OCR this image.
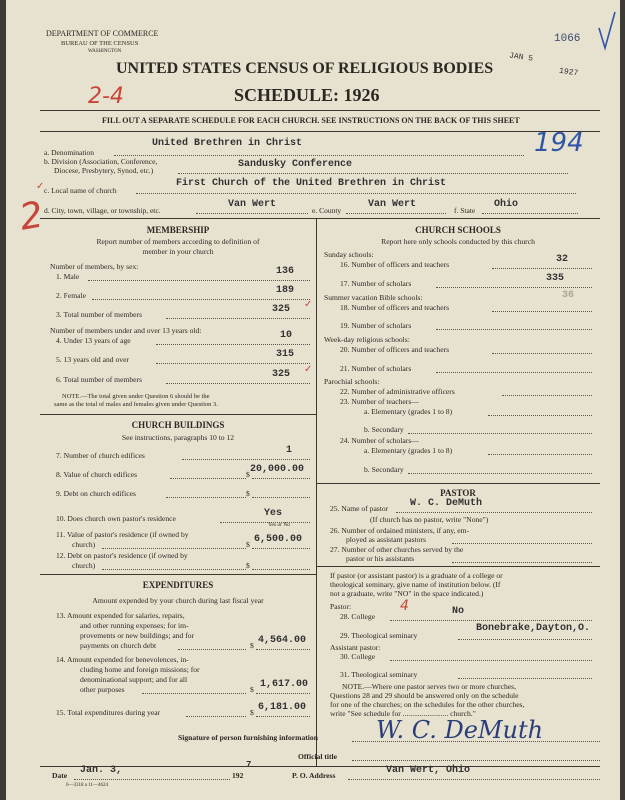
DEPARTMENT OF COMMERCE
BUREAU OF THE CENSUS
WASHINGTON
UNITED STATES CENSUS OF RELIGIOUS BODIES
SCHEDULE: 1926
FILL OUT A SEPARATE SCHEDULE FOR EACH CHURCH. SEE INSTRUCTIONS ON THE BACK OF THIS SHEET
1066
JAN 5
1927
2-4
194
2
a. Denomination
United Brethren in Christ
b. Division (Association, Conference,
Diocese, Presbytery, Synod, etc.)
Sandusky Conference
c. Local name of church
First Church of the United Brethren in Christ
✓
d. City, town, village, or township, etc.
Van Wert
e. County
Van Wert
f. State
Ohio
MEMBERSHIP
Report number of members according to definition of
member in your church
Number of members, by sex:
1. Male	136
2. Female	189
3. Total number of members	325 ✓
Number of members under and over 13 years old:
4. Under 13 years of age	10
5. 13 years old and over	315
6. Total number of members	325 ✓
NOTE.—The total given under Question 6 should be the
same as the total of males and females given under Question 3.
CHURCH BUILDINGS
See instructions, paragraphs 10 to 12
7. Number of church edifices	1
8. Value of church edifices	$ 20,000.00
9. Debt on church edifices	$
10. Does church own pastor's residence	Yes
Yes or No
11. Value of pastor's residence (if owned by
church)	$ 6,500.00
12. Debt on pastor's residence (if owned by
church)	$
EXPENDITURES
Amount expended by your church during last fiscal year
13. Amount expended for salaries, repairs,
and other running expenses; for im-
provements or new buildings; and for
payments on church debt	$ 4,564.00
14. Amount expended for benevolences, in-
cluding home and foreign missions; for
denominational support; and for all
other purposes	$ 1,617.00
15. Total expenditures during year	$ 6,181.00
CHURCH SCHOOLS
Report here only schools conducted by this church
Sunday schools:
16. Number of officers and teachers	32
17. Number of scholars	335
Summer vacation Bible schools:
18. Number of officers and teachers
36
19. Number of scholars
Week-day religious schools:
20. Number of officers and teachers
21. Number of scholars
Parochial schools:
22. Number of administrative officers
23. Number of teachers—
a. Elementary (grades 1 to 8)
b. Secondary
24. Number of scholars—
a. Elementary (grades 1 to 8)
b. Secondary
PASTOR
25. Name of pastor W. C. DeMuth
(If church has no pastor, write "None")
26. Number of ordained ministers, if any, em-
ployed as assistant pastors
27. Number of other churches served by the
pastor or his assistants
If pastor (or assistant pastor) is a graduate of a college or
theological seminary, give name of institution below. (If
not a graduate, write "NO" in the space indicated.)
Pastor:
28. College	No
4
29. Theological seminary
Bonebrake,Dayton,O.
Assistant pastor:
30. College
31. Theological seminary
NOTE.—Where one pastor serves two or more churches,
Questions 28 and 29 should be answered only on the schedule
for one of the churches; on the schedules for the other churches,
write "See schedule for ........................ church."
Signature of person furnishing information W. C. DeMuth
Official title
Date Jan. 3,	192
7
P. O. Address	Van Wert, Ohio
6—3318 a 11—4624
